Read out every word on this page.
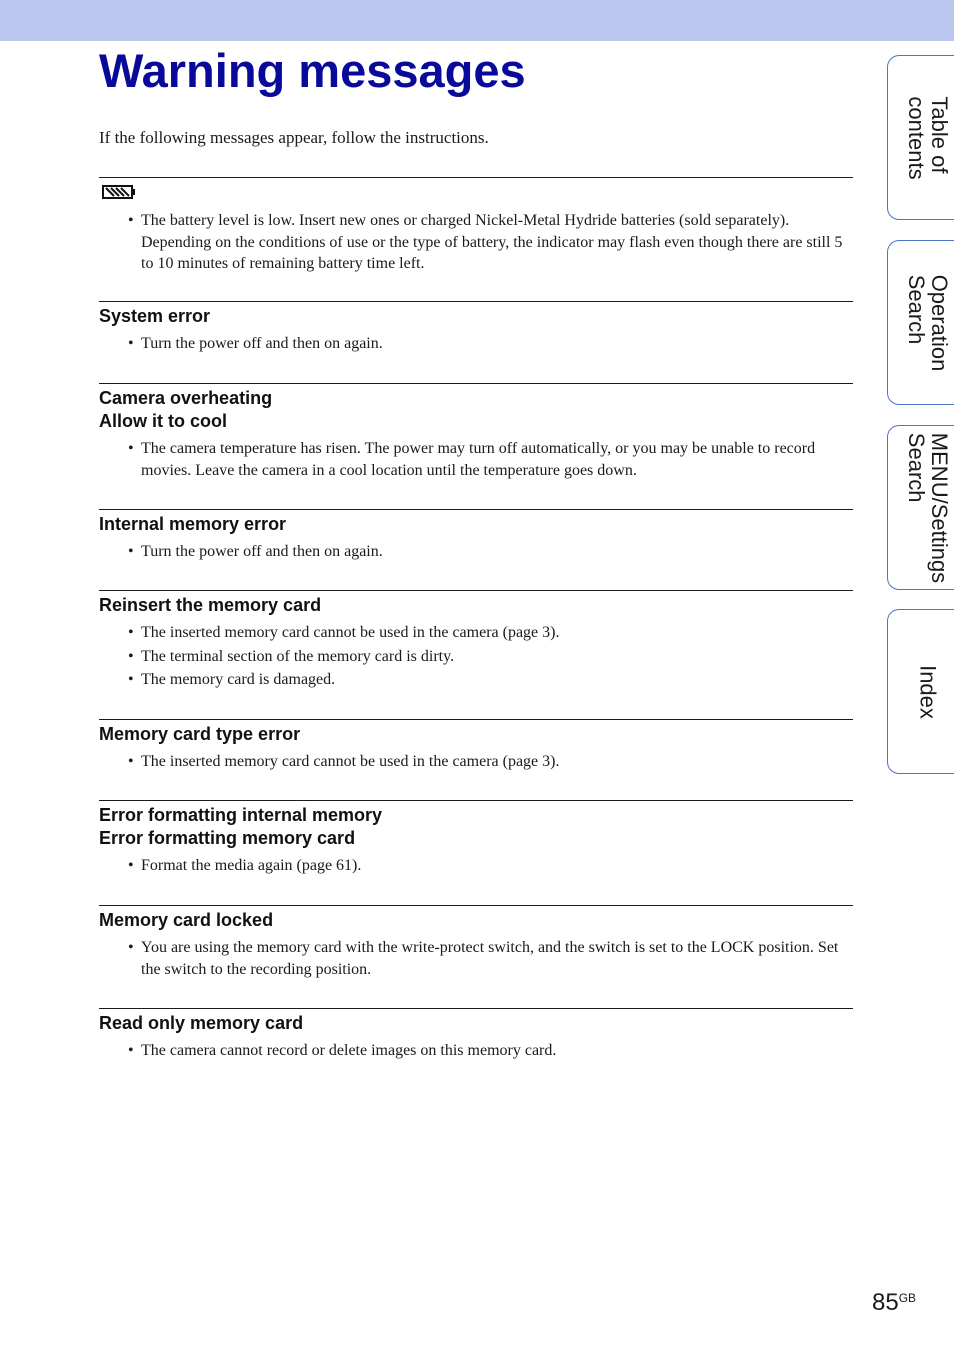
Warning messages
If the following messages appear, follow the instructions.
• The battery level is low. Insert new ones or charged Nickel-Metal Hydride batteries (sold separately). Depending on the conditions of use or the type of battery, the indicator may flash even though there are still 5 to 10 minutes of remaining battery time left.
System error
• Turn the power off and then on again.
Camera overheating
Allow it to cool
• The camera temperature has risen. The power may turn off automatically, or you may be unable to record movies. Leave the camera in a cool location until the temperature goes down.
Internal memory error
• Turn the power off and then on again.
Reinsert the memory card
• The inserted memory card cannot be used in the camera (page 3).
• The terminal section of the memory card is dirty.
• The memory card is damaged.
Memory card type error
• The inserted memory card cannot be used in the camera (page 3).
Error formatting internal memory
Error formatting memory card
• Format the media again (page 61).
Memory card locked
• You are using the memory card with the write-protect switch, and the switch is set to the LOCK position. Set the switch to the recording position.
Read only memory card
• The camera cannot record or delete images on this memory card.
Table of
contents
Operation
Search
MENU/Settings
Search
Index
$85^{GB}$
